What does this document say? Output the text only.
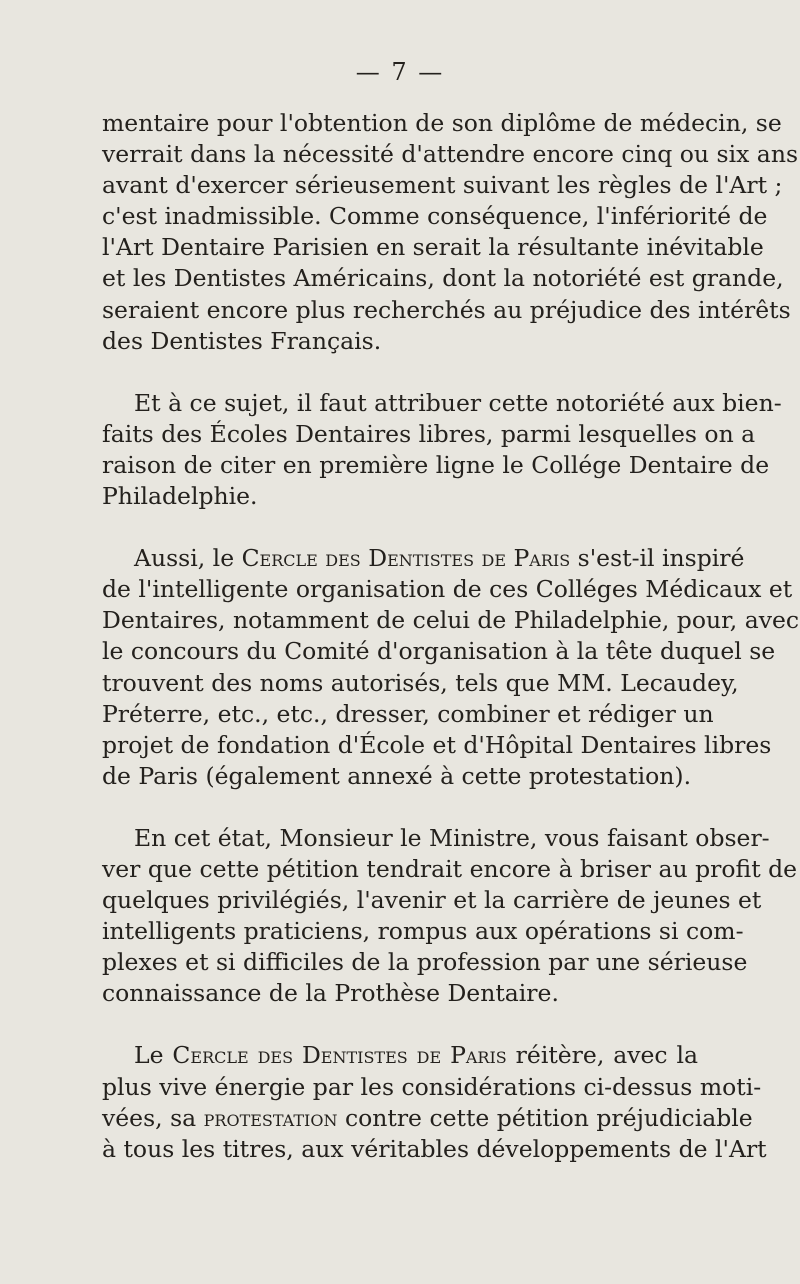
— 7 —
mentaire pour l'obtention de son diplôme de médecin, se
verrait dans la nécessité d'attendre encore cinq ou six ans
avant d'exercer sérieusement suivant les règles de l'Art ;
c'est inadmissible. Comme conséquence, l'infériorité de
l'Art Dentaire Parisien en serait la résultante inévitable
et les Dentistes Américains, dont la notoriété est grande,
seraient encore plus recherchés au préjudice des intérêts
des Dentistes Français.
Et à ce sujet, il faut attribuer cette notoriété aux bien-
faits des Écoles Dentaires libres, parmi lesquelles on a
raison de citer en première ligne le Collége Dentaire de
Philadelphie.
Aussi, le Cercle des Dentistes de Paris s'est-il inspiré
de l'intelligente organisation de ces Colléges Médicaux et
Dentaires, notamment de celui de Philadelphie, pour, avec
le concours du Comité d'organisation à la tête duquel se
trouvent des noms autorisés, tels que MM. Lecaudey,
Préterre, etc., etc., dresser, combiner et rédiger un
projet de fondation d'École et d'Hôpital Dentaires libres
de Paris (également annexé à cette protestation).
En cet état, Monsieur le Ministre, vous faisant obser-
ver que cette pétition tendrait encore à briser au profit de
quelques privilégiés, l'avenir et la carrière de jeunes et
intelligents praticiens, rompus aux opérations si com-
plexes et si difficiles de la profession par une sérieuse
connaissance de la Prothèse Dentaire.
Le Cercle des Dentistes de Paris réitère, avec la
plus vive énergie par les considérations ci-dessus moti-
vées, sa protestation contre cette pétition préjudiciable
à tous les titres, aux véritables développements de l'Art
